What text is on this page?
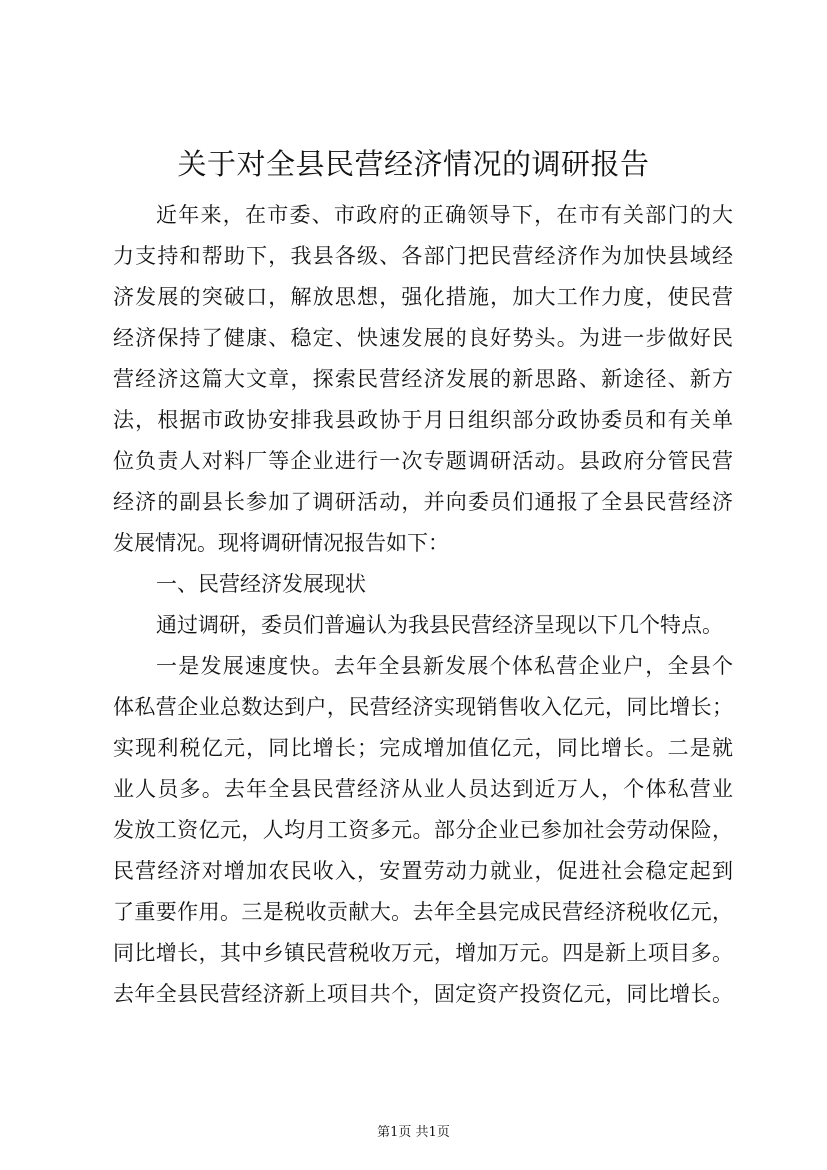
关于对全县民营经济情况的调研报告
近年来，在市委、市政府的正确领导下，在市有关部门的大
力支持和帮助下，我县各级、各部门把民营经济作为加快县域经
济发展的突破口，解放思想，强化措施，加大工作力度，使民营
经济保持了健康、稳定、快速发展的良好势头。为进一步做好民
营经济这篇大文章，探索民营经济发展的新思路、新途径、新方
法，根据市政协安排我县政协于月日组织部分政协委员和有关单
位负责人对料厂等企业进行一次专题调研活动。县政府分管民营
经济的副县长参加了调研活动，并向委员们通报了全县民营经济
发展情况。现将调研情况报告如下：
一、民营经济发展现状
通过调研，委员们普遍认为我县民营经济呈现以下几个特点。
一是发展速度快。去年全县新发展个体私营企业户，全县个
体私营企业总数达到户，民营经济实现销售收入亿元，同比增长；
实现利税亿元，同比增长；完成增加值亿元，同比增长。二是就
业人员多。去年全县民营经济从业人员达到近万人，个体私营业
发放工资亿元，人均月工资多元。部分企业已参加社会劳动保险，
民营经济对增加农民收入，安置劳动力就业，促进社会稳定起到
了重要作用。三是税收贡献大。去年全县完成民营经济税收亿元，
同比增长，其中乡镇民营税收万元，增加万元。四是新上项目多。
去年全县民营经济新上项目共个，固定资产投资亿元，同比增长。
第1页 共1页
